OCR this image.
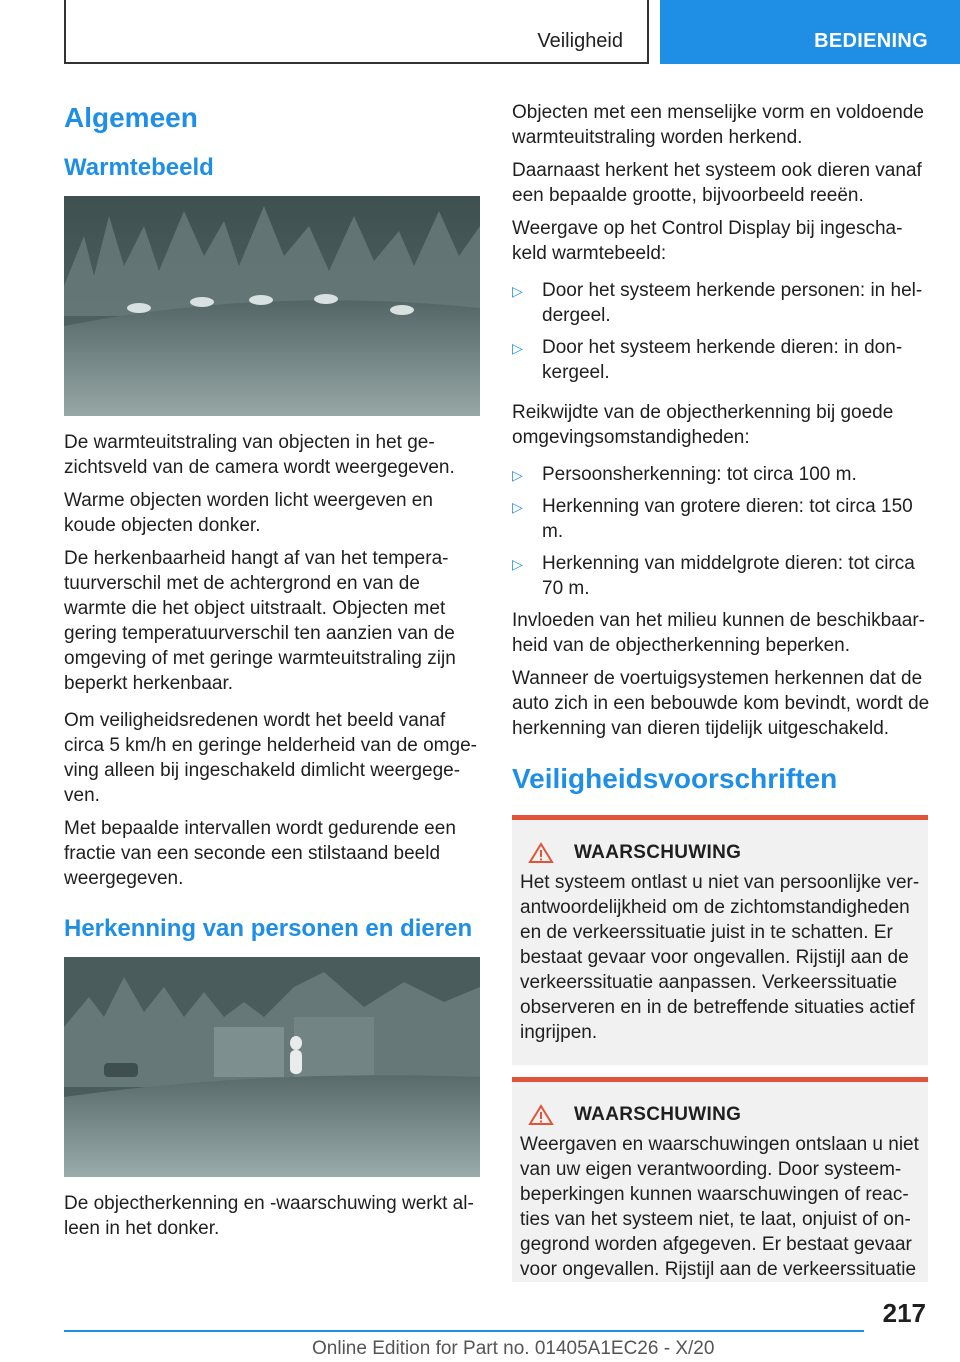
Veiligheid	BEDIENING
Algemeen
Warmtebeeld

De warmteuitstraling van objecten in het gezichtsveld van de camera wordt weergegeven.

Warme objecten worden licht weergeven en koude objecten donker.

De herkenbaarheid hangt af van het temperatuurverschil met de achtergrond en van de warmte die het object uitstraalt. Objecten met gering temperatuurverschil ten aanzien van de omgeving of met geringe warmteuitstraling zijn beperkt herkenbaar.

Om veiligheidsredenen wordt het beeld vanaf circa 5 km/h en geringe helderheid van de omgeving alleen bij ingeschakeld dimlicht weergegeven.

Met bepaalde intervallen wordt gedurende een fractie van een seconde een stilstaand beeld weergegeven.

Herkenning van personen en dieren

De objectherkenning en -waarschuwing werkt alleen in het donker.

Objecten met een menselijke vorm en voldoende warmteuitstraling worden herkend.

Daarnaast herkent het systeem ook dieren vanaf een bepaalde grootte, bijvoorbeeld reeën.

Weergave op het Control Display bij ingeschakeld warmtebeeld:

▷ Door het systeem herkende personen: in heldergeel.
▷ Door het systeem herkende dieren: in donkergeel.

Reikwijdte van de objectherkenning bij goede omgevingsomstandigheden:

▷ Persoonsherkenning: tot circa 100 m.
▷ Herkenning van grotere dieren: tot circa 150 m.
▷ Herkenning van middelgrote dieren: tot circa 70 m.

Invloeden van het milieu kunnen de beschikbaarheid van de objectherkenning beperken.

Wanneer de voertuigsystemen herkennen dat de auto zich in een bebouwde kom bevindt, wordt de herkenning van dieren tijdelijk uitgeschakeld.

Veiligheidsvoorschriften
WAARSCHUWING

Het systeem ontlast u niet van persoonlijke verantwoordelijkheid om de zichtomstandigheden en de verkeerssituatie juist in te schatten. Er bestaat gevaar voor ongevallen. Rijstijl aan de verkeerssituatie aanpassen. Verkeerssituatie observeren en in de betreffende situaties actief ingrijpen.

WAARSCHUWING

Weergaven en waarschuwingen ontslaan u niet van uw eigen verantwoording. Door systeembeperkingen kunnen waarschuwingen of reacties van het systeem niet, te laat, onjuist of ongegrond worden afgegeven. Er bestaat gevaar voor ongevallen. Rijstijl aan de verkeerssituatie

217
Online Edition for Part no. 01405A1EC26 - X/20
